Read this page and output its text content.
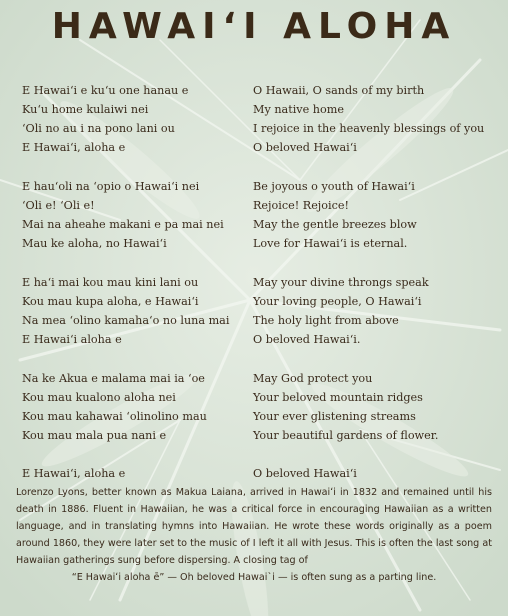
HAWAIʻI ALOHA
E Hawaiʻi e kuʻu one hanau e
Kuʻu home kulaiwi nei
ʻOli no au i na pono lani ou
E Hawaiʻi, aloha e
E hauʻoli na ʻopio o Hawaiʻi nei
ʻOli e! ʻOli e!
Mai na aheahe makani e pa mai nei
Mau ke aloha, no Hawaiʻi
E haʻi mai kou mau kini lani ou
Kou mau kupa aloha, e Hawaiʻi
Na mea ʻolino kamahaʻo no luna mai
E Hawaiʻi aloha e
Na ke Akua e malama mai ia ʻoe
Kou mau kualono aloha nei
Kou mau kahawai ʻolinolino mau
Kou mau mala pua nani e
E Hawaiʻi, aloha e
O Hawaii, O sands of my birth
My native home
I rejoice in the heavenly blessings of you
O beloved Hawaiʻi
Be joyous o youth of Hawaiʻi
Rejoice! Rejoice!
May the gentle breezes blow
Love for Hawaiʻi is eternal.
May your divine throngs speak
Your loving people, O Hawaiʻi
The holy light from above
O beloved Hawaiʻi.
May God protect you
Your beloved mountain ridges
Your ever glistening streams
Your beautiful gardens of flower.
O beloved Hawaiʻi

Lorenzo Lyons, better known as Makua Laiana, arrived in Hawaiʻi in 1832 and remained until his death in 1886. Fluent in Hawaiian, he was a critical force in encouraging Hawaiian as a written language, and in translating hymns into Hawaiian. He wrote these words originally as a poem around 1860, they were later set to the music of I left it all with Jesus. This is often the last song at Hawaiian gatherings sung before dispersing. A closing tag of
“E Hawaiʻi aloha ē” — Oh beloved Hawaiˋi — is often sung as a parting line.
